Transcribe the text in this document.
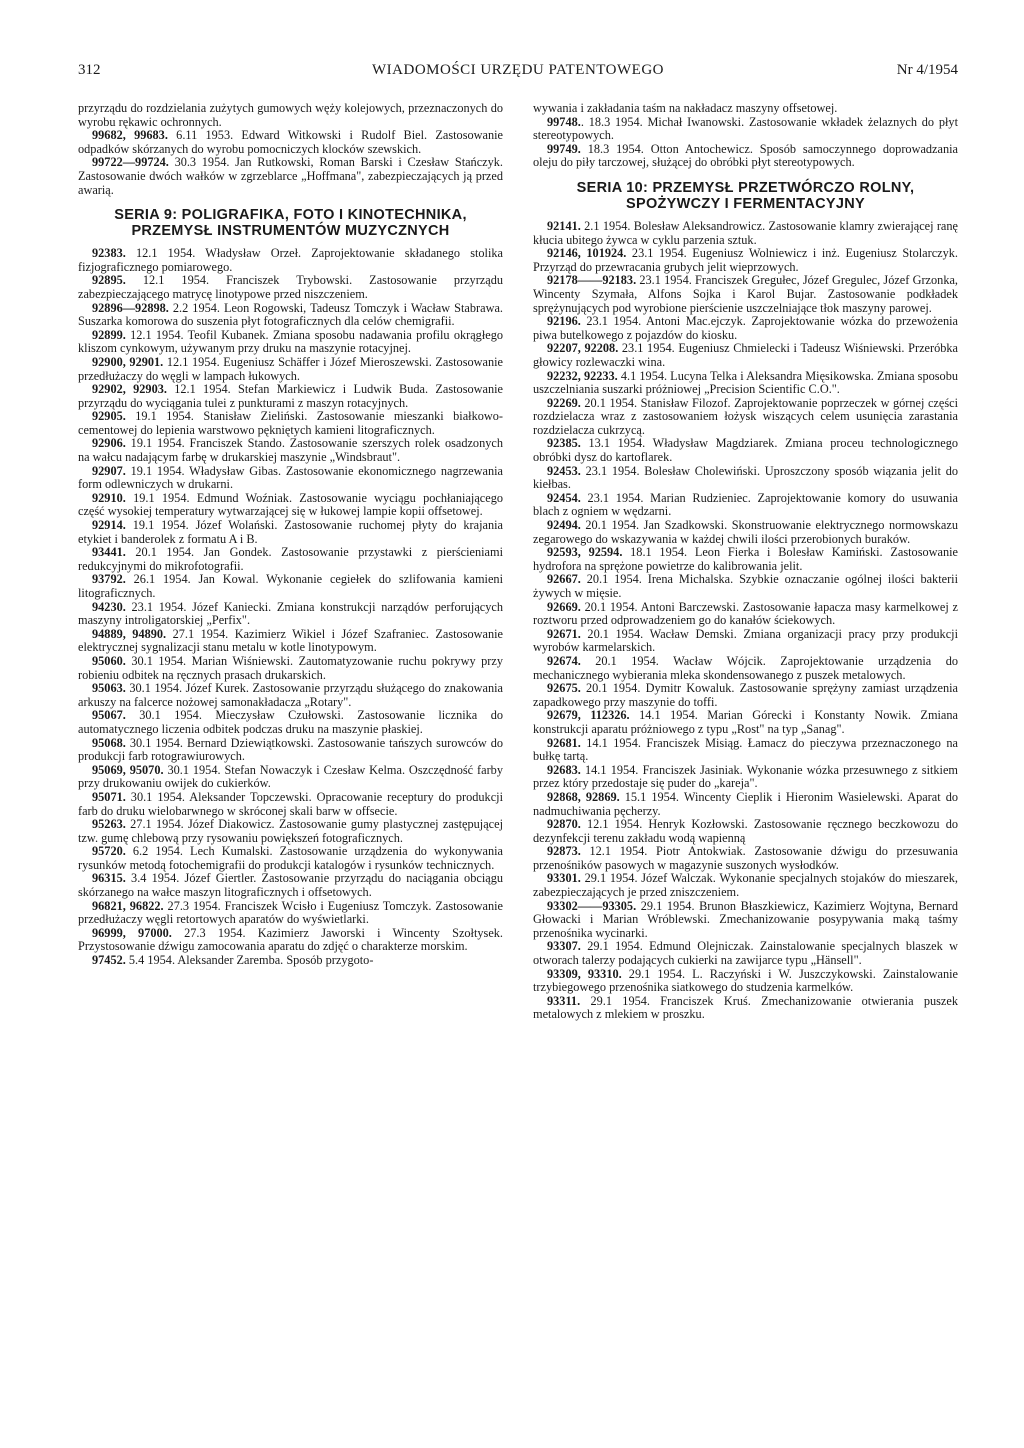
312	WIADOMOŚCI URZĘDU PATENTOWEGO	Nr 4/1954

przyrządu do rozdzielania zużytych gumowych węży kolejowych, przeznaczonych do wyrobu rękawic ochronnych.

99682, 99683. 6.11 1953. Edward Witkowski i Rudolf Biel. Zastosowanie odpadków skórzanych do wyrobu pomocniczych klocków szewskich.

99722—99724. 30.3 1954. Jan Rutkowski, Roman Barski i Czesław Stańczyk. Zastosowanie dwóch wałków w zgrzeblarce „Hoffmana", zabezpieczających ją przed awarią.

SERIA 9: POLIGRAFIKA, FOTO I KINOTECHNIKA, PRZEMYSŁ INSTRUMENTÓW MUZYCZNYCH

92383. 12.1 1954. Władysław Orzeł. Zaprojektowanie składanego stolika fizjograficznego pomiarowego.

92895. 12.1 1954. Franciszek Trybowski. Zastosowanie przyrządu zabezpieczającego matrycę linotypowe przed niszczeniem.

92896—92898. 2.2 1954. Leon Rogowski, Tadeusz Tomczyk i Wacław Stabrawa. Suszarka komorowa do suszenia płyt fotograficznych dla celów chemigrafii.

92899. 12.1 1954. Teofil Kubanek. Zmiana sposobu nadawania profilu okrągłego kliszom cynkowym, używanym przy druku na maszynie rotacyjnej.

92900, 92901. 12.1 1954. Eugeniusz Schäffer i Józef Mieroszewski. Zastosowanie przedłużaczy do węgli w lampach łukowych.

92902, 92903. 12.1 1954. Stefan Markiewicz i Ludwik Buda. Zastosowanie przyrządu do wyciągania tulei z punkturami z maszyn rotacyjnych.

92905. 19.1 1954. Stanisław Zieliński. Zastosowanie mieszanki białkowo-cementowej do lepienia warstwowo pękniętych kamieni litograficznych.

92906. 19.1 1954. Franciszek Stando. Zastosowanie szerszych rolek osadzonych na wałcu nadającym farbę w drukarskiej maszynie „Windsbraut".

92907. 19.1 1954. Władysław Gibas. Zastosowanie ekonomicznego nagrzewania form odlewniczych w drukarni.

92910. 19.1 1954. Edmund Woźniak. Zastosowanie wyciągu pochłaniającego część wysokiej temperatury wytwarzającej się w łukowej lampie kopii offsetowej.

92914. 19.1 1954. Józef Wolański. Zastosowanie ruchomej płyty do krajania etykiet i banderolek z formatu A i B.

93441. 20.1 1954. Jan Gondek. Zastosowanie przystawki z pierścieniami redukcyjnymi do mikrofotografii.

93792. 26.1 1954. Jan Kowal. Wykonanie cegiełek do szlifowania kamieni litograficznych.

94230. 23.1 1954. Józef Kaniecki. Zmiana konstrukcji narządów perforujących maszyny introligatorskiej „Perfix".

94889, 94890. 27.1 1954. Kazimierz Wikiel i Józef Szafraniec. Zastosowanie elektrycznej sygnalizacji stanu metalu w kotle linotypowym.

95060. 30.1 1954. Marian Wiśniewski. Zautomatyzowanie ruchu pokrywy przy robieniu odbitek na ręcznych prasach drukarskich.

95063. 30.1 1954. Józef Kurek. Zastosowanie przyrządu służącego do znakowania arkuszy na falcerce nożowej samonakładacza „Rotary".

95067. 30.1 1954. Mieczysław Czułowski. Zastosowanie licznika do automatycznego liczenia odbitek podczas druku na maszynie płaskiej.

95068. 30.1 1954. Bernard Dziewiątkowski. Zastosowanie tańszych surowców do produkcji farb rotograwiurowych.

95069, 95070. 30.1 1954. Stefan Nowaczyk i Czesław Kelma. Oszczędność farby przy drukowaniu owijek do cukierków.

95071. 30.1 1954. Aleksander Topczewski. Opracowanie receptury do produkcji farb do druku wielobarwnego w skróconej skali barw w offsecie.

95263. 27.1 1954. Józef Diakowicz. Zastosowanie gumy plastycznej zastępującej tzw. gumę chlebową przy rysowaniu powiększeń fotograficznych.

95720. 6.2 1954. Lech Kumalski. Zastosowanie urządzenia do wykonywania rysunków metodą fotochemigrafii do produkcji katalogów i rysunków technicznych.

96315. 3.4 1954. Józef Giertler. Zastosowanie przyrządu do naciągania obciągu skórzanego na wałce maszyn litograficznych i offsetowych.

96821, 96822. 27.3 1954. Franciszek Wcisło i Eugeniusz Tomczyk. Zastosowanie przedłużaczy węgli retortowych aparatów do wyświetlarki.

96999, 97000. 27.3 1954. Kazimierz Jaworski i Wincenty Szołtysek. Przystosowanie dźwigu zamocowania aparatu do zdjęć o charakterze morskim.

97452. 5.4 1954. Aleksander Zaremba. Sposób przygoto-

wywania i zakładania taśm na nakładacz maszyny offsetowej.

99748.. 18.3 1954. Michał Iwanowski. Zastosowanie wkładek żelaznych do płyt stereotypowych.

99749. 18.3 1954. Otton Antochewicz. Sposób samoczynnego doprowadzania oleju do piły tarczowej, służącej do obróbki płyt stereotypowych.

SERIA 10: PRZEMYSŁ PRZETWÓRCZO ROLNY, SPOŻYWCZY I FERMENTACYJNY

92141. 2.1 1954. Bolesław Aleksandrowicz. Zastosowanie klamry zwierającej ranę kłucia ubitego żywca w cyklu parzenia sztuk.

92146, 101924. 23.1 1954. Eugeniusz Wolniewicz i inż. Eugeniusz Stolarczyk. Przyrząd do przewracania grubych jelit wieprzowych.

92178——92183. 23.1 1954. Franciszek Gregułec, Józef Gregulec, Józef Grzonka, Wincenty Szymała, Alfons Sojka i Karol Bujar. Zastosowanie podkładek sprężynujących pod wyrobione pierścienie uszczelniające tłok maszyny parowej.

92196. 23.1 1954. Antoni Mac.ejczyk. Zaprojektowanie wózka do przewożenia piwa butelkowego z pojazdów do kiosku.

92207, 92208. 23.1 1954. Eugeniusz Chmielecki i Tadeusz Wiśniewski. Przeróbka głowicy rozlewaczki wina.

92232, 92233. 4.1 1954. Lucyna Telka i Aleksandra Mięsikowska. Zmiana sposobu uszczelniania suszarki próżniowej „Precision Scientific C.O.".

92269. 20.1 1954. Stanisław Filozof. Zaprojektowanie poprzeczek w górnej części rozdzielacza wraz z zastosowaniem łożysk wiszących celem usunięcia zarastania rozdzielacza cukrzycą.

92385. 13.1 1954. Władysław Magdziarek. Zmiana proceu technologicznego obróbki dysz do kartoflarek.

92453. 23.1 1954. Bolesław Cholewiński. Uproszczony sposób wiązania jelit do kiełbas.

92454. 23.1 1954. Marian Rudzieniec. Zaprojektowanie komory do usuwania blach z ogniem w wędzarni.

92494. 20.1 1954. Jan Szadkowski. Skonstruowanie elektrycznego normowskazu zegarowego do wskazywania w każdej chwili ilości przerobionych buraków.

92593, 92594. 18.1 1954. Leon Fierka i Bolesław Kamiński. Zastosowanie hydrofora na sprężone powietrze do kalibrowania jelit.

92667. 20.1 1954. Irena Michalska. Szybkie oznaczanie ogólnej ilości bakterii żywych w mięsie.

92669. 20.1 1954. Antoni Barczewski. Zastosowanie łapacza masy karmelkowej z roztworu przed odprowadzeniem go do kanałów ściekowych.

92671. 20.1 1954. Wacław Demski. Zmiana organizacji pracy przy produkcji wyrobów karmelarskich.

92674. 20.1 1954. Wacław Wójcik. Zaprojektowanie urządzenia do mechanicznego wybierania mleka skondensowanego z puszek metalowych.

92675. 20.1 1954. Dymitr Kowaluk. Zastosowanie sprężyny zamiast urządzenia zapadkowego przy maszynie do toffi.

92679, 112326. 14.1 1954. Marian Górecki i Konstanty Nowik. Zmiana konstrukcji aparatu próżniowego z typu „Rost" na typ „Sanag".

92681. 14.1 1954. Franciszek Misiąg. Łamacz do pieczywa przeznaczonego na bułkę tartą.

92683. 14.1 1954. Franciszek Jasiniak. Wykonanie wózka przesuwnego z sitkiem przez który przedostaje się puder do „kareja".

92868, 92869. 15.1 1954. Wincenty Cieplik i Hieronim Wasielewski. Aparat do nadmuchiwania pęcherzy.

92870. 12.1 1954. Henryk Kozłowski. Zastosowanie ręcznego beczkowozu do dezynfekcji terenu zakładu wodą wapienną

92873. 12.1 1954. Piotr Antokwiak. Zastosowanie dźwigu do przesuwania przenośników pasowych w magazynie suszonych wysłodków.

93301. 29.1 1954. Józef Walczak. Wykonanie specjalnych stojaków do mieszarek, zabezpieczających je przed zniszczeniem.

93302——93305. 29.1 1954. Brunon Błaszkiewicz, Kazimierz Wojtyna, Bernard Głowacki i Marian Wróblewski. Zmechanizowanie posypywania maką taśmy przenośnika wycinarki.

93307. 29.1 1954. Edmund Olejniczak. Zainstalowanie specjalnych blaszek w otworach talerzy podających cukierki na zawijarce typu „Hänsell".

93309, 93310. 29.1 1954. L. Raczyński i W. Juszczykowski. Zainstalowanie trzybiegowego przenośnika siatkowego do studzenia karmelków.

93311. 29.1 1954. Franciszek Kruś. Zmechanizowanie otwierania puszek metalowych z mlekiem w proszku.
